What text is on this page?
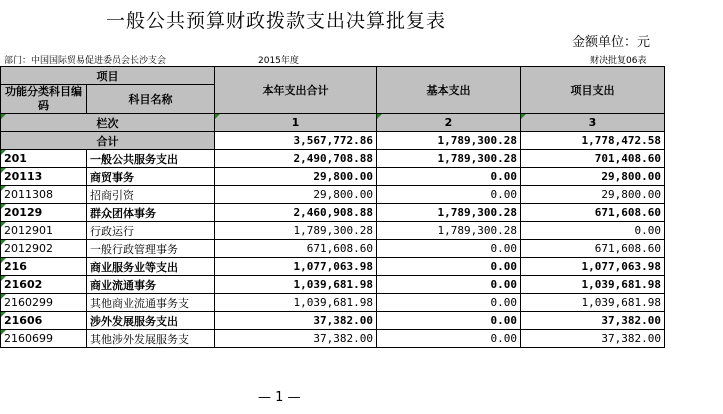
一般公共预算财政拨款支出决算批复表
金额单位：元
部门：中国国际贸易促进委员会长沙支会	2015年度	财决批复06表
项目		本年支出合计	基本支出	项目支出
功能分类科目编码	科目名称			

栏次		1	2	3
合计		3,567,772.86	1,789,300.28	1,778,472.58
201	一般公共服务支出	2,490,708.88	1,789,300.28	701,408.60
20113	商贸事务	29,800.00	0.00	29,800.00
2011308	招商引资	29,800.00	0.00	29,800.00
20129	群众团体事务	2,460,908.88	1,789,300.28	671,608.60
2012901	行政运行	1,789,300.28	1,789,300.28	0.00
2012902	一般行政管理事务	671,608.60	0.00	671,608.60
216	商业服务业等支出	1,077,063.98	0.00	1,077,063.98
21602	商业流通事务	1,039,681.98	0.00	1,039,681.98
2160299	其他商业流通事务支	1,039,681.98	0.00	1,039,681.98
21606	涉外发展服务支出	37,382.00	0.00	37,382.00
2160699	其他涉外发展服务支	37,382.00	0.00	37,382.00
— 1 —
